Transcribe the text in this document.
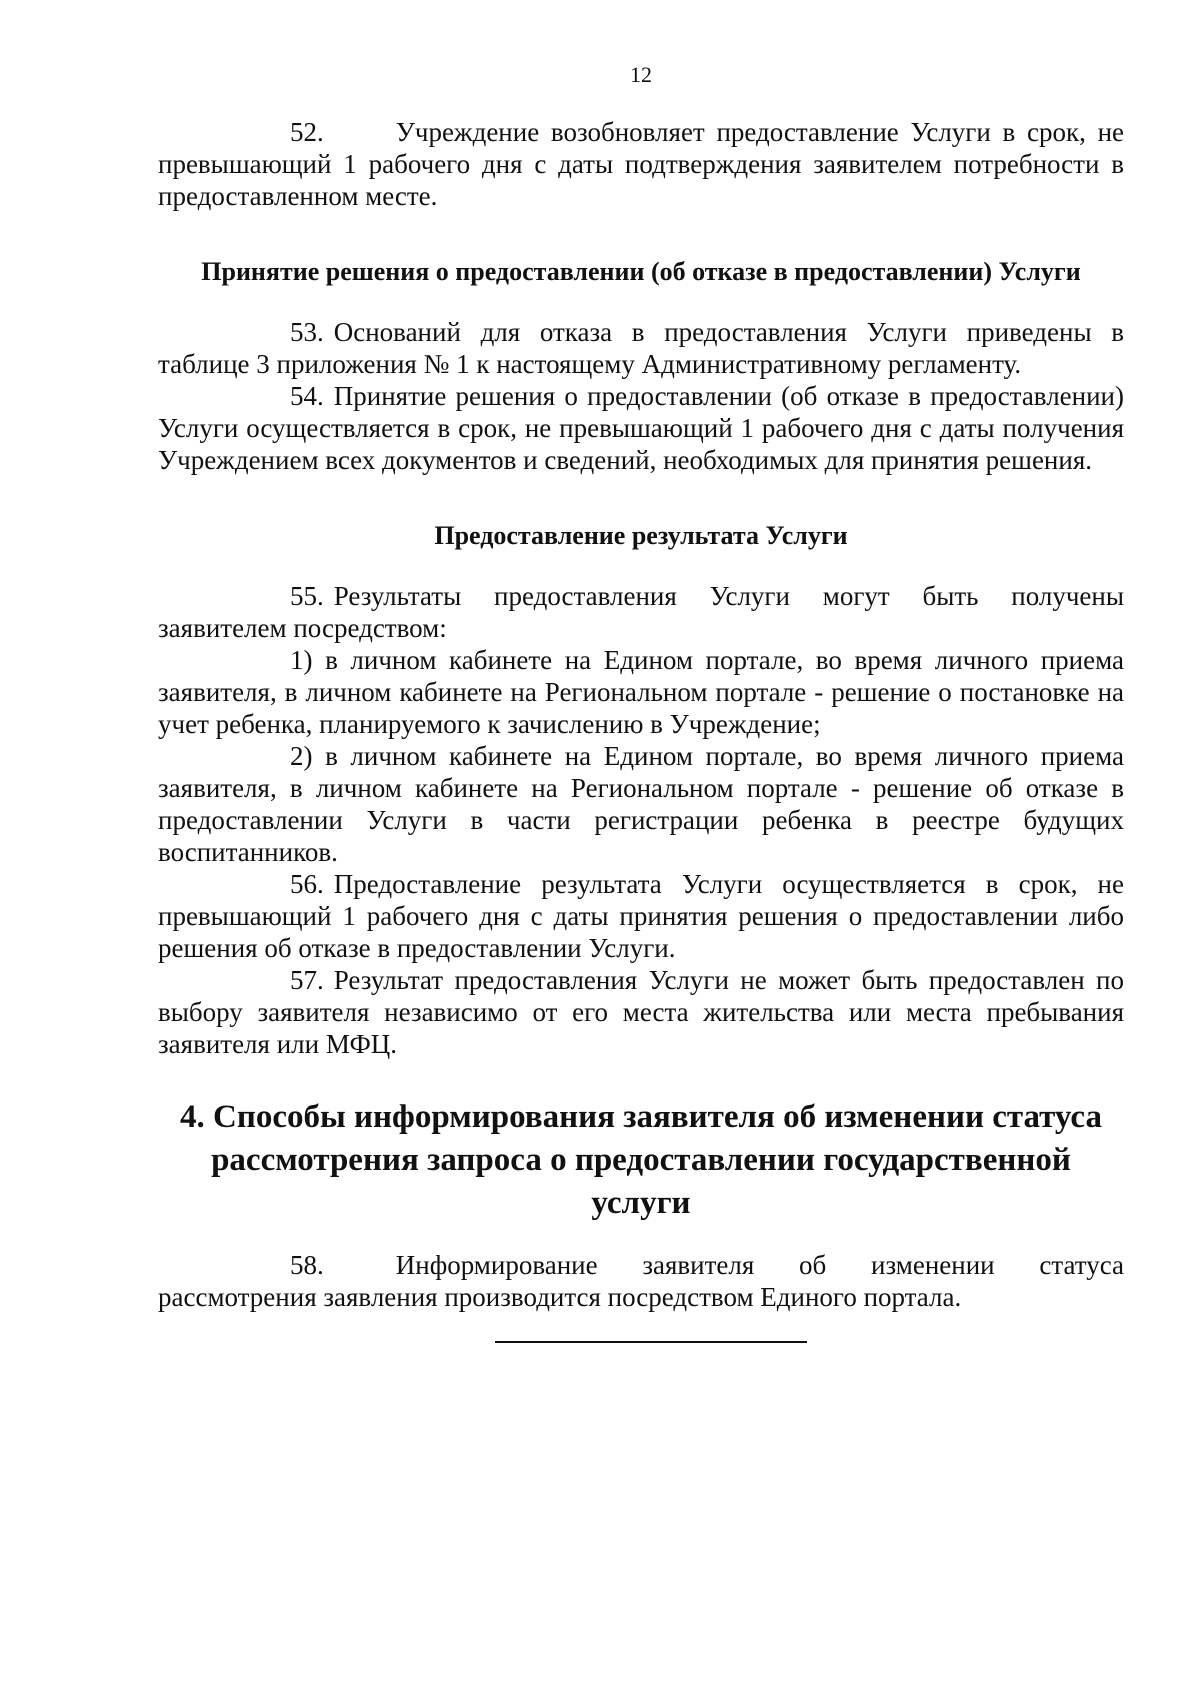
12

52.	Учреждение возобновляет предоставление Услуги в срок, не превышающий 1 рабочего дня с даты подтверждения заявителем потребности в предоставленном месте.

Принятие решения о предоставлении (об отказе в предоставлении) Услуги

53. Оснований для отказа в предоставления Услуги приведены в таблице 3 приложения № 1 к настоящему Административному регламенту.

54. Принятие решения о предоставлении (об отказе в предоставлении) Услуги осуществляется в срок, не превышающий 1 рабочего дня с даты получения Учреждением всех документов и сведений, необходимых для принятия решения.

Предоставление результата Услуги

55. Результаты предоставления Услуги могут быть получены заявителем посредством:

1) в личном кабинете на Едином портале, во время личного приема заявителя, в личном кабинете на Региональном портале - решение о постановке на учет ребенка, планируемого к зачислению в Учреждение;

2) в личном кабинете на Едином портале, во время личного приема заявителя, в личном кабинете на Региональном портале - решение об отказе в предоставлении Услуги в части регистрации ребенка в реестре будущих воспитанников.

56. Предоставление результата Услуги осуществляется в срок, не превышающий 1 рабочего дня с даты принятия решения о предоставлении либо решения об отказе в предоставлении Услуги.

57. Результат предоставления Услуги не может быть предоставлен по выбору заявителя независимо от его места жительства или места пребывания заявителя или МФЦ.

4. Способы информирования заявителя об изменении статуса рассмотрения запроса о предоставлении государственной услуги

58.	Информирование заявителя об изменении статуса рассмотрения заявления производится посредством Единого портала.
